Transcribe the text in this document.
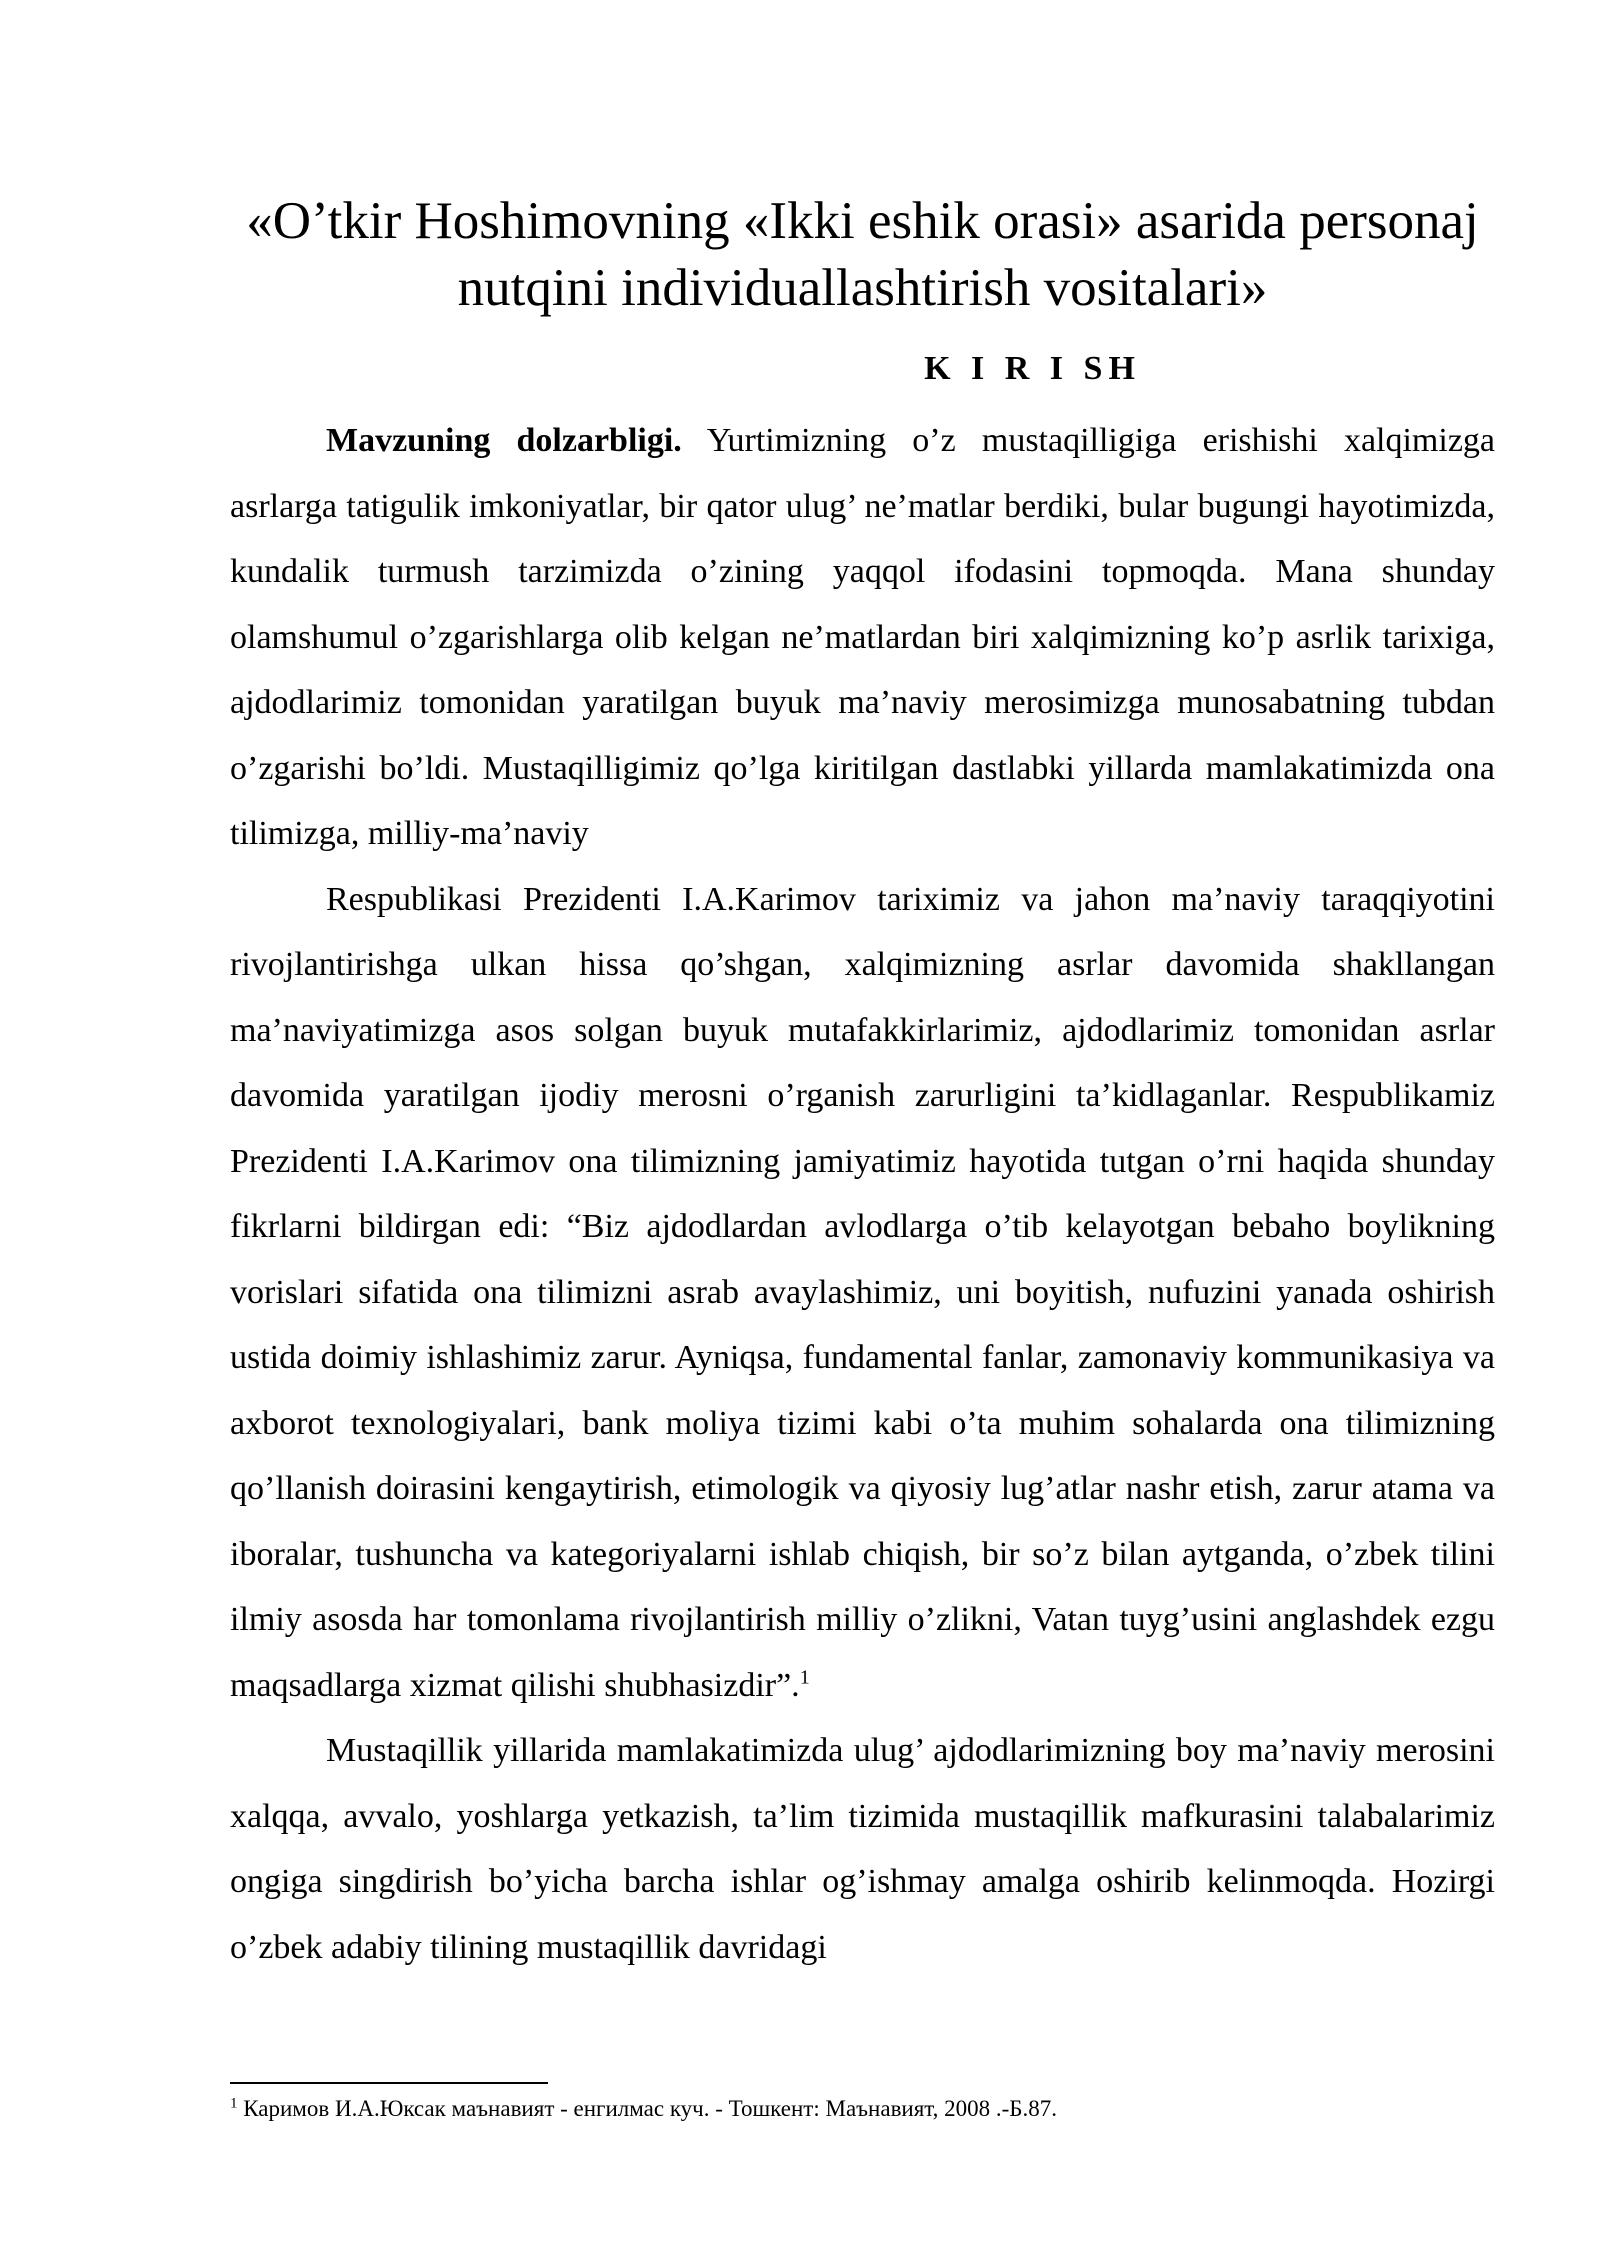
«O’tkir Hoshimovning «Ikki eshik orasi» asarida personaj nutqini individuallashtirish vositalari»
K I R I SH

Mavzuning dolzarbligi. Yurtimizning o’z mustaqilligiga erishishi xalqimizga asrlarga tatigulik imkoniyatlar, bir qator ulug’ ne’matlar berdiki, bular bugungi hayotimizda, kundalik turmush tarzimizda o’zining yaqqol ifodasini topmoqda. Mana shunday olamshumul o’zgarishlarga olib kelgan ne’matlardan biri xalqimizning ko’p asrlik tarixiga, ajdodlarimiz tomonidan yaratilgan buyuk ma’naviy merosimizga munosabatning tubdan o’zgarishi bo’ldi. Mustaqilligimiz qo’lga kiritilgan dastlabki yillarda mamlakatimizda ona tilimizga, milliy-ma’naviy

Respublikasi Prezidenti I.A.Karimov tariximiz va jahon ma’naviy taraqqiyotini rivojlantirishga ulkan hissa qo’shgan, xalqimizning asrlar davomida shakllangan ma’naviyatimizga asos solgan buyuk mutafakkirlarimiz, ajdodlarimiz tomonidan asrlar davomida yaratilgan ijodiy merosni o’rganish zarurligini ta’kidlaganlar. Respublikamiz Prezidenti I.A.Karimov ona tilimizning jamiyatimiz hayotida tutgan o’rni haqida shunday fikrlarni bildirgan edi: “Biz ajdodlardan avlodlarga o’tib kelayotgan bebaho boylikning vorislari sifatida ona tilimizni asrab avaylashimiz, uni boyitish, nufuzini yanada oshirish ustida doimiy ishlashimiz zarur. Ayniqsa, fundamental fanlar, zamonaviy kommunikasiya va axborot texnologiyalari, bank moliya tizimi kabi o’ta muhim sohalarda ona tilimizning qo’llanish doirasini kengaytirish, etimologik va qiyosiy lug’atlar nashr etish, zarur atama va iboralar, tushuncha va kategoriyalarni ishlab chiqish, bir so’z bilan aytganda, o’zbek tilini ilmiy asosda har tomonlama rivojlantirish milliy o’zlikni, Vatan tuyg’usini anglashdek ezgu maqsadlarga xizmat qilishi shubhasizdir”.$^1$

Mustaqillik yillarida mamlakatimizda ulug’ ajdodlarimizning boy ma’naviy merosini xalqqa, avvalo, yoshlarga yetkazish, ta’lim tizimida mustaqillik mafkurasini talabalarimiz ongiga singdirish bo’yicha barcha ishlar og’ishmay amalga oshirib kelinmoqda. Hozirgi o’zbek adabiy tilining mustaqillik davridagi

$^1$ Каримов И.А.Юксак маънавият - енгилмас куч. - Тошкент: Маънавият, 2008 .-Б.87.
